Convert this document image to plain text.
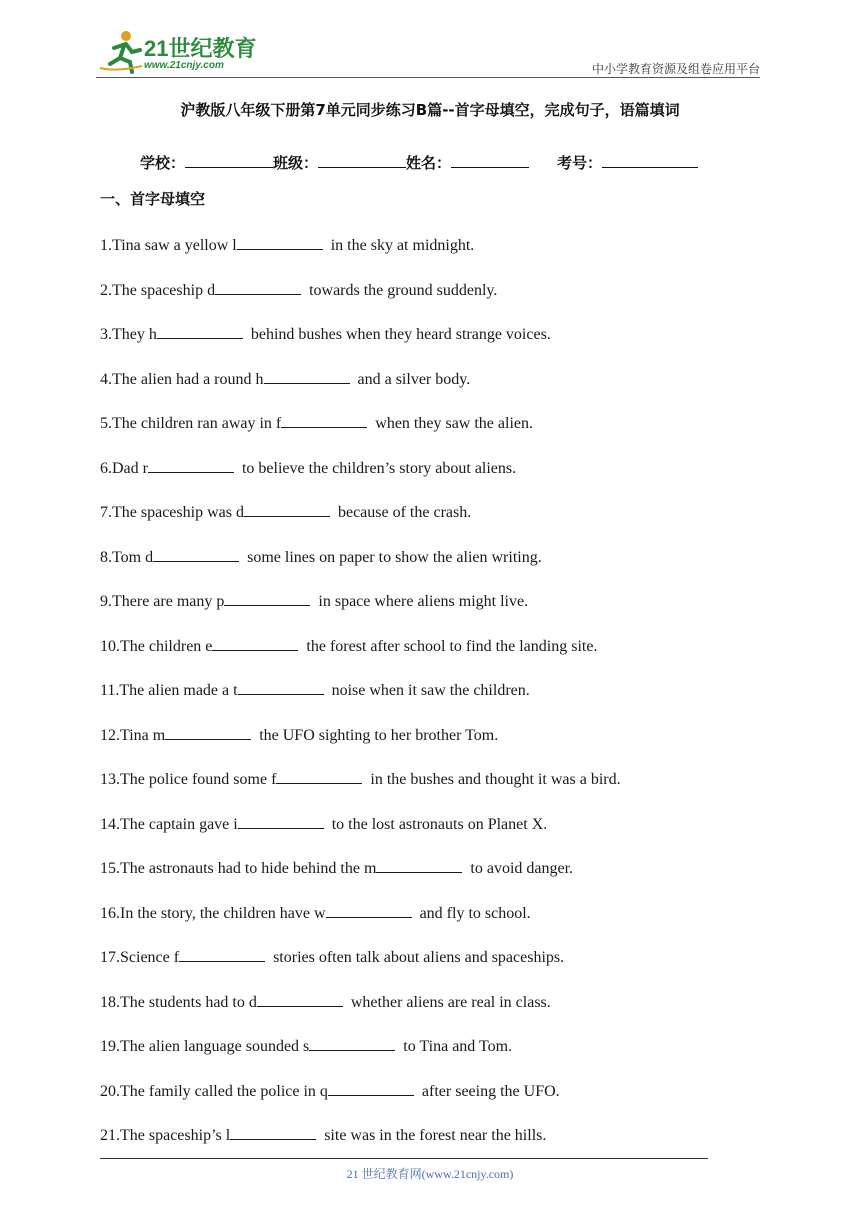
21世纪教育
www.21cnjy.com	中小学教育资源及组卷应用平台
沪教版八年级下册第7单元同步练习B篇--首字母填空，完成句子，语篇填词
学校：	班级：	姓名：	考号：
一、首字母填空
1.Tina saw a yellow l	in the sky at midnight.
2.The spaceship d	towards the ground suddenly.
3.They h	behind bushes when they heard strange voices.
4.The alien had a round h	and a silver body.
5.The children ran away in f	when they saw the alien.
6.Dad r	to believe the children’s story about aliens.
7.The spaceship was d	because of the crash.
8.Tom d	some lines on paper to show the alien writing.
9.There are many p	in space where aliens might live.
10.The children e	the forest after school to find the landing site.
11.The alien made a t	noise when it saw the children.
12.Tina m	the UFO sighting to her brother Tom.
13.The police found some f	in the bushes and thought it was a bird.
14.The captain gave i	to the lost astronauts on Planet X.
15.The astronauts had to hide behind the m	to avoid danger.
16.In the story, the children have w	and fly to school.
17.Science f	stories often talk about aliens and spaceships.
18.The students had to d	whether aliens are real in class.
19.The alien language sounded s	to Tina and Tom.
20.The family called the police in q	after seeing the UFO.
21.The spaceship’s l	site was in the forest near the hills.
21 世纪教育网(www.21cnjy.com)
